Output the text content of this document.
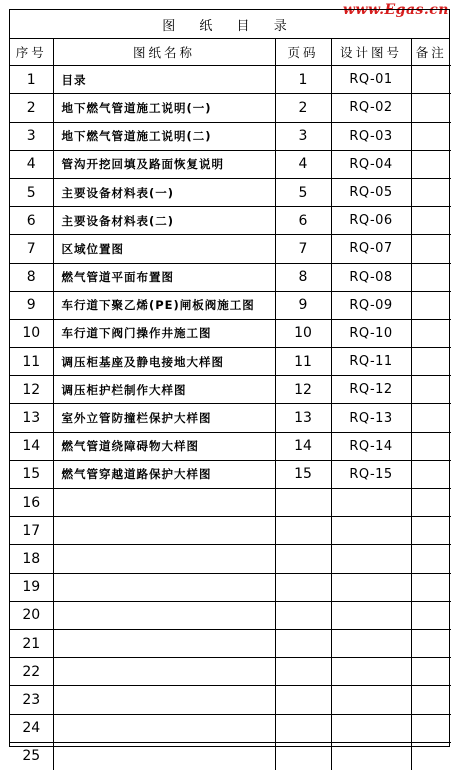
www.Egas.cn
图 纸 目 录
序号	图纸名称	页码	设计图号	备注
1	目录	1	RQ-01	
2	地下燃气管道施工说明(一)	2	RQ-02	
3	地下燃气管道施工说明(二)	3	RQ-03	
4	管沟开挖回填及路面恢复说明	4	RQ-04	
5	主要设备材料表(一)	5	RQ-05	
6	主要设备材料表(二)	6	RQ-06	
7	区域位置图	7	RQ-07	
8	燃气管道平面布置图	8	RQ-08	
9	车行道下聚乙烯(PE)闸板阀施工图	9	RQ-09	
10	车行道下阀门操作井施工图	10	RQ-10	
11	调压柜基座及静电接地大样图	11	RQ-11	
12	调压柜护栏制作大样图	12	RQ-12	
13	室外立管防撞栏保护大样图	13	RQ-13	
14	燃气管道绕障碍物大样图	14	RQ-14	
15	燃气管穿越道路保护大样图	15	RQ-15	
16				
17				
18				
19				
20				
21				
22				
23				
24				
25				
